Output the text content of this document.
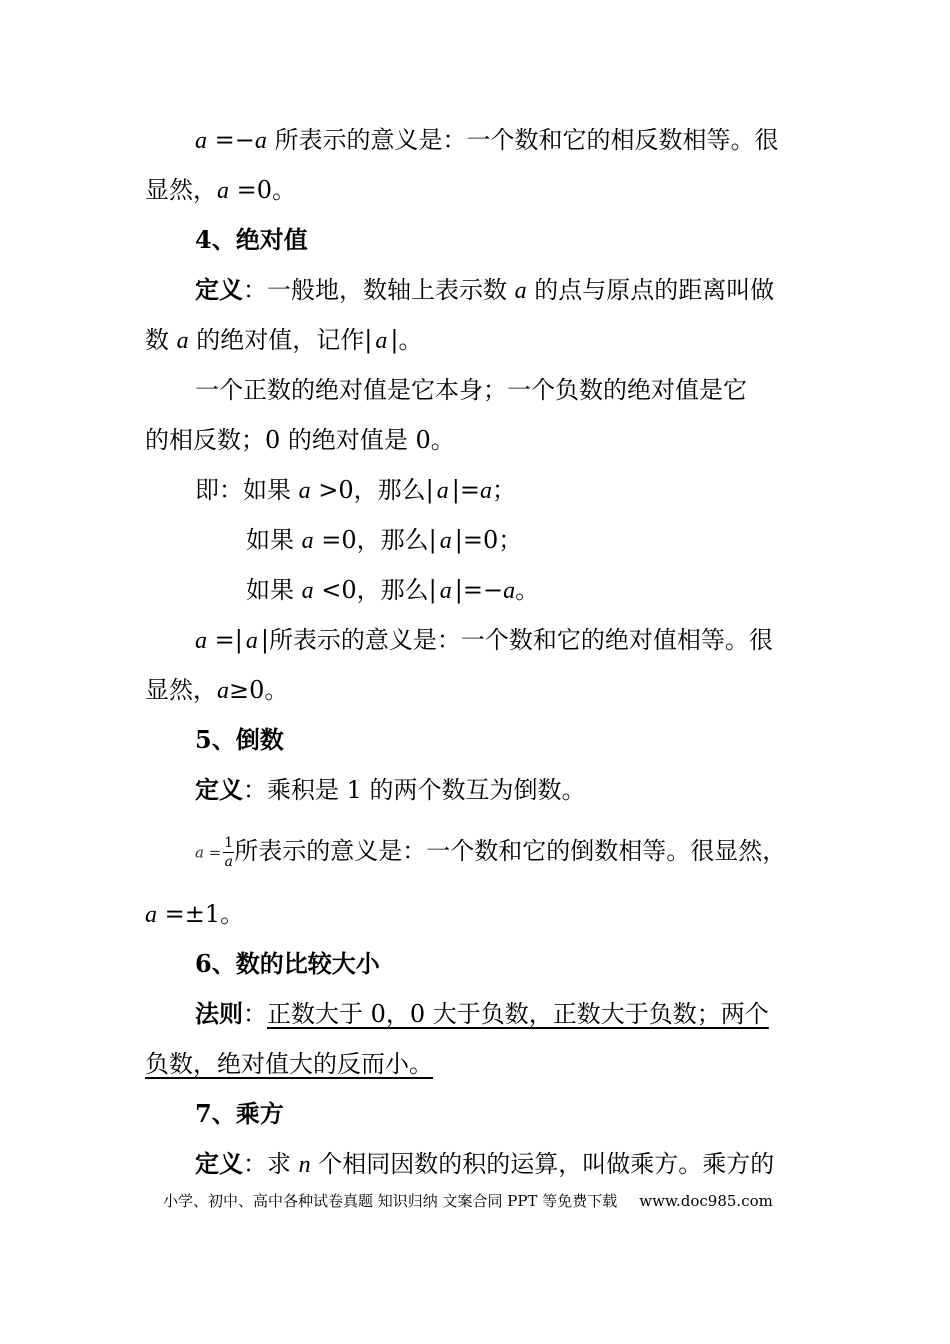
a =−a 所表示的意义是：一个数和它的相反数相等。很
显然，a =0。
4、绝对值
定义：一般地，数轴上表示数 a 的点与原点的距离叫做
数 a 的绝对值，记作| a |。
一个正数的绝对值是它本身；一个负数的绝对值是它
的相反数；0 的绝对值是 0。
即：如果 a >0，那么| a |=a；
如果 a =0，那么| a |=0；
如果 a <0，那么| a |=−a。
a =| a |所表示的意义是：一个数和它的绝对值相等。很
显然，a≥0。
5、倒数
定义：乘积是 1 的两个数互为倒数。
$a = \frac{1}{a}$ 所表示的意义是：一个数和它的倒数相等。很显然，
a =±1。
6、数的比较大小
法则：正数大于 0，0 大于负数，正数大于负数；两个
负数，绝对值大的反而小。
7、乘方
定义：求 n 个相同因数的积的运算，叫做乘方。乘方的
小学、初中、高中各种试卷真题 知识归纳 文案合同 PPT 等免费下载 www.doc985.com
